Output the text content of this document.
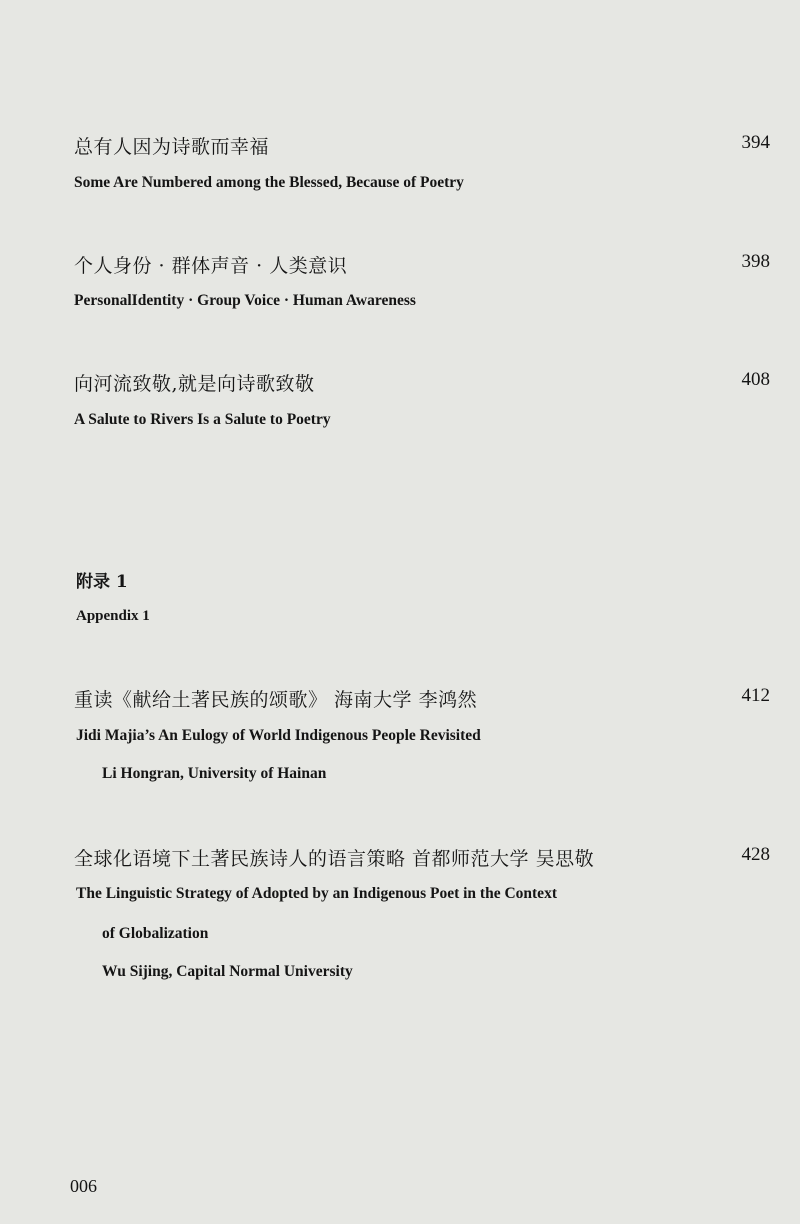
总有人因为诗歌而幸福	394
Some Are Numbered among the Blessed, Because of Poetry
个人身份 · 群体声音 · 人类意识	398
PersonalIdentity · Group Voice · Human Awareness
向河流致敬,就是向诗歌致敬	408
A Salute to Rivers Is a Salute to Poetry
附录 1
Appendix 1
重读《献给土著民族的颂歌》 海南大学 李鸿然	412
Jidi Majia’s An Eulogy of World Indigenous People Revisited
Li Hongran, University of Hainan
全球化语境下土著民族诗人的语言策略 首都师范大学 吴思敬	428
The Linguistic Strategy of Adopted by an Indigenous Poet in the Context
of Globalization
Wu Sijing, Capital Normal University
006
